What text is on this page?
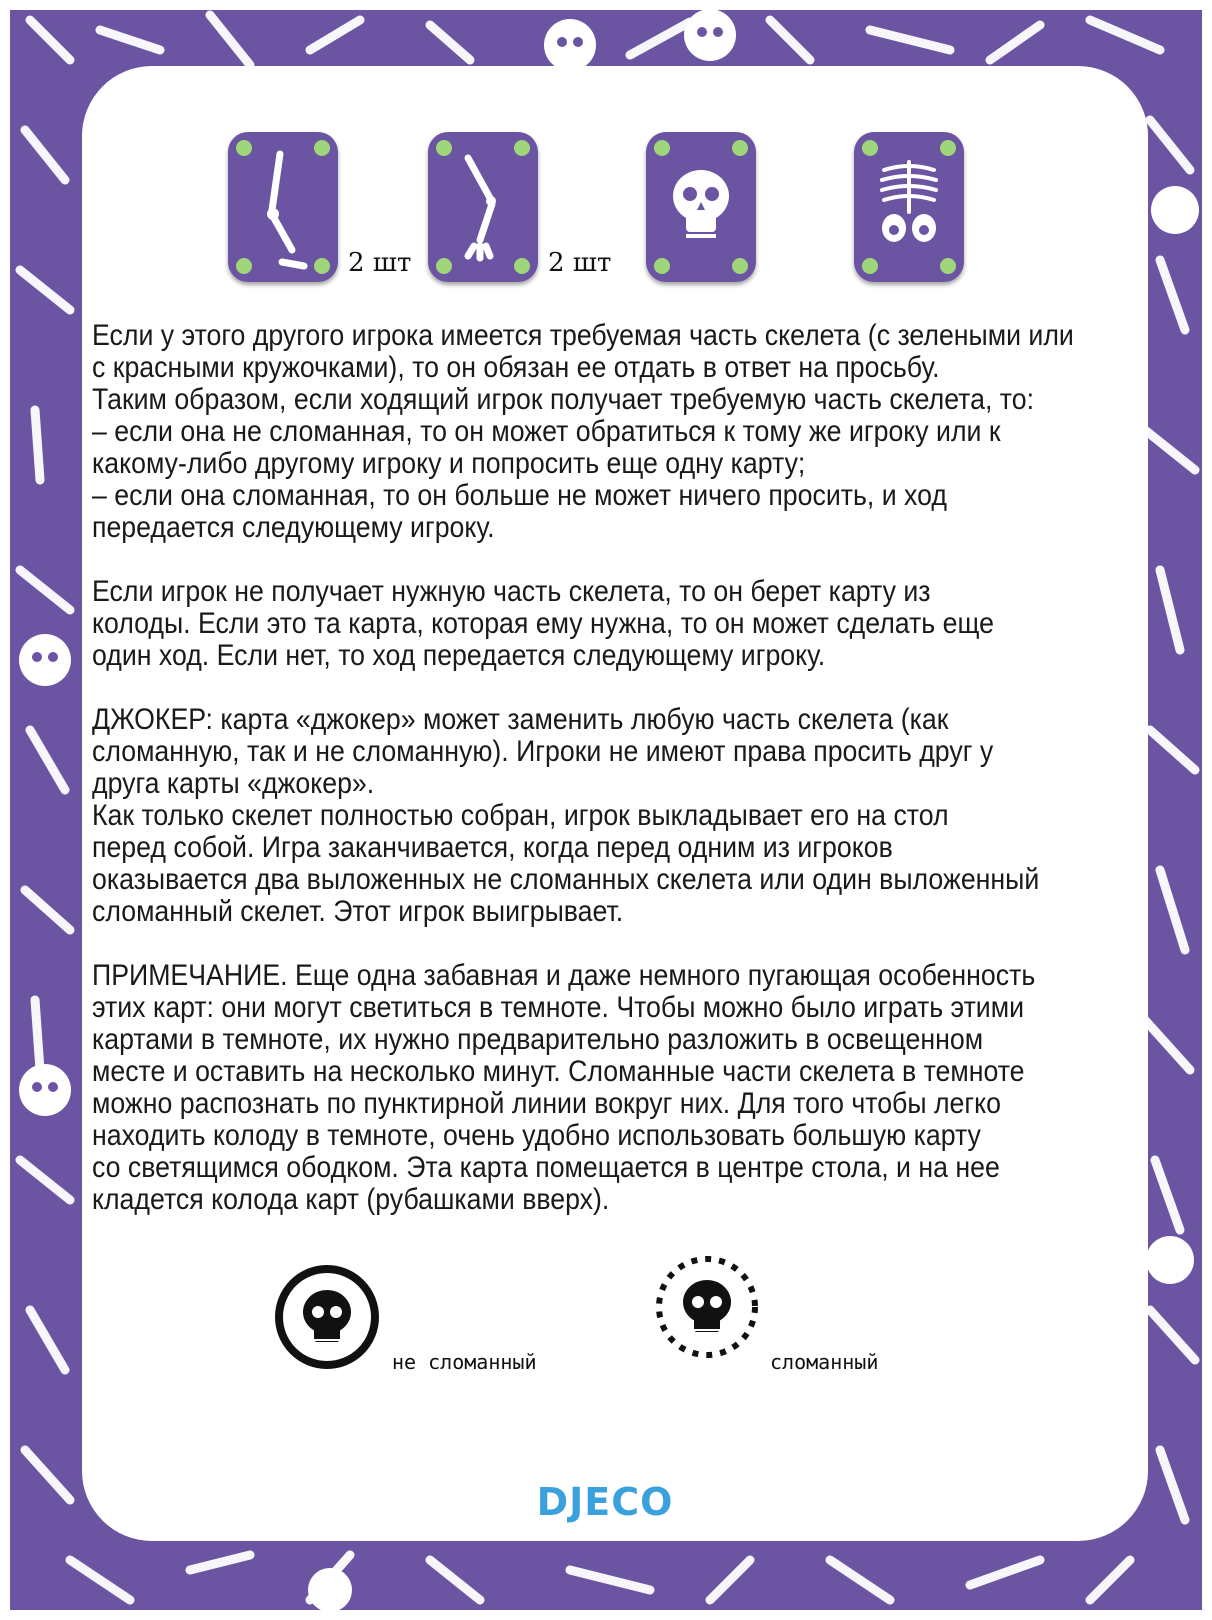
2 шт	2 шт

Если у этого другого игрока имеется требуемая часть скелета (с зелеными или
с красными кружочками), то он обязан ее отдать в ответ на просьбу.
Таким образом, если ходящий игрок получает требуемую часть скелета, то:
– если она не сломанная, то он может обратиться к тому же игроку или к
какому-либо другому игроку и попросить еще одну карту;
– если она сломанная, то он больше не может ничего просить, и ход
передается следующему игроку.

Если игрок не получает нужную часть скелета, то он берет карту из
колоды. Если это та карта, которая ему нужна, то он может сделать еще
один ход. Если нет, то ход передается следующему игроку.

ДЖОКЕР: карта «джокер» может заменить любую часть скелета (как
сломанную, так и не сломанную). Игроки не имеют права просить друг у
друга карты «джокер».
Как только скелет полностью собран, игрок выкладывает его на стол
перед собой. Игра заканчивается, когда перед одним из игроков
оказывается два выложенных не сломанных скелета или один выложенный
сломанный скелет. Этот игрок выигрывает.

ПРИМЕЧАНИЕ. Еще одна забавная и даже немного пугающая особенность
этих карт: они могут светиться в темноте. Чтобы можно было играть этими
картами в темноте, их нужно предварительно разложить в освещенном
месте и оставить на несколько минут. Сломанные части скелета в темноте
можно распознать по пунктирной линии вокруг них. Для того чтобы легко
находить колоду в темноте, очень удобно использовать большую карту
со светящимся ободком. Эта карта помещается в центре стола, и на нее
кладется колода карт (рубашками вверх).

не сломанный	сломанный
DJECO
